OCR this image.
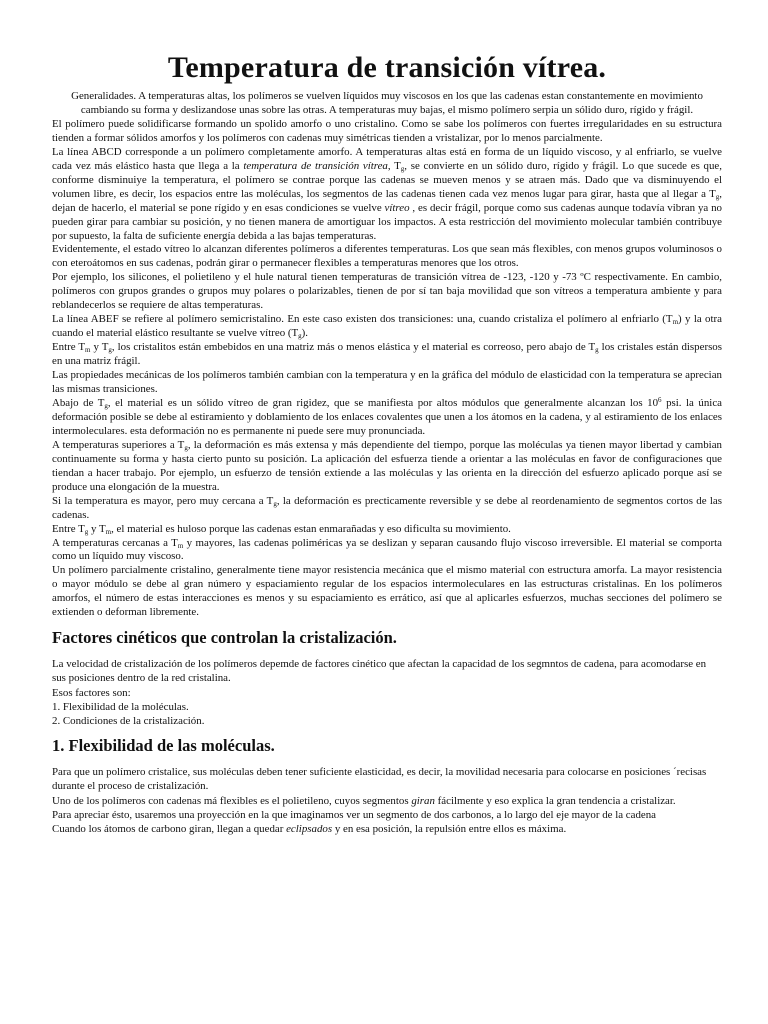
Temperatura de transición vítrea.

Generalidades. A temperaturas altas, los polímeros se vuelven líquidos muy viscosos en los que las cadenas estan constantemente en movimiento cambiando su forma y deslizandose unas sobre las otras. A temperaturas muy bajas, el mismo polímero serpia un sólido duro, rígido y frágil.

El polímero puede solidificarse formando un spolido amorfo o uno cristalino. Como se sabe los polímeros con fuertes irregularidades en su estructura tienden a formar sólidos amorfos y los polímeros con cadenas muy simétricas tienden a vristalizar, por lo menos parcialmente.

La línea ABCD corresponde a un polímero completamente amorfo. A temperaturas altas está en forma de un líquido viscoso, y al enfriarlo, se vuelve cada vez más elástico hasta que llega a la temperatura de transición vítrea, $T_g$, se convierte en un sólido duro, rígido y frágil. Lo que sucede es que, conforme disminuiye la temperatura, el polímero se contrae porque las cadenas se mueven menos y se atraen más. Dado que va disminuyendo el volumen libre, es decir, los espacios entre las moléculas, los segmentos de las cadenas tienen cada vez menos lugar para girar, hasta que al llegar a $T_g$, dejan de hacerlo, el material se pone rígido y en esas condiciones se vuelve vítreo , es decir frágil, porque como sus cadenas aunque todavía vibran ya no pueden girar para cambiar su posición, y no tienen manera de amortiguar los impactos. A esta restricción del movimiento molecular también contribuye por supuesto, la falta de suficiente energía debida a las bajas temperaturas.

Evidentemente, el estado vítreo lo alcanzan diferentes polímeros a diferentes temperaturas. Los que sean más flexibles, con menos grupos voluminosos o con eteroátomos en sus cadenas, podrán girar o permanecer flexibles a temperaturas menores que los otros.

Por ejemplo, los silicones, el polietileno y el hule natural tienen temperaturas de transición vítrea de -123, -120 y -73 ºC respectivamente. En cambio, polímeros con grupos grandes o grupos muy polares o polarizables, tienen de por sí tan baja movilidad que son vítreos a temperatura ambiente y para reblandecerlos se requiere de altas temperaturas.

La línea ABEF se refiere al polímero semicristalino. En este caso existen dos transiciones: una, cuando cristaliza el polímero al enfriarlo $(T_m)$ y la otra cuando el material elástico resultante se vuelve vítreo $(T_g)$.

Entre $T_m$ y $T_g$, los cristalitos están embebidos en una matriz más o menos elástica y el material es correoso, pero abajo de $T_g$ los cristales están dispersos en una matriz frágil.

Las propiedades mecánicas de los polímeros también cambian con la temperatura y en la gráfica del módulo de elasticidad con la temperatura se aprecian las mismas transiciones.

Abajo de $T_g$, el material es un sólido vítreo de gran rigidez, que se manifiesta por altos módulos que generalmente alcanzan los $10^6$ psi. la única deformación posible se debe al estiramiento y doblamiento de los enlaces covalentes que unen a los átomos en la cadena, y al estiramiento de los enlaces intermoleculares. esta deformación no es permanente ni puede sere muy pronunciada.

A temperaturas superiores a $T_g$, la deformación es más extensa y más dependiente del tiempo, porque las moléculas ya tienen mayor libertad y cambian continuamente su forma y hasta cierto punto su posición. La aplicación del esfuerza tiende a orientar a las moléculas en favor de configuraciones que tiendan a hacer trabajo. Por ejemplo, un esfuerzo de tensión extiende a las moléculas y las orienta en la dirección del esfuerzo aplicado porque así se produce una elongación de la muestra.

Si la temperatura es mayor, pero muy cercana a $T_g$, la deformación es precticamente reversible y se debe al reordenamiento de segmentos cortos de las cadenas.

Entre $T_g$ y $T_m$, el material es huloso porque las cadenas estan enmarañadas y eso dificulta su movimiento.

A temperaturas cercanas a $T_m$ y mayores, las cadenas poliméricas ya se deslizan y separan causando flujo viscoso irreversible. El material se comporta como un líquido muy viscoso.

Un polímero parcialmente cristalino, generalmente tiene mayor resistencia mecánica que el mismo material con estructura amorfa. La mayor resistencia o mayor módulo se debe al gran número y espaciamiento regular de los espacios intermoleculares en las estructuras cristalinas. En los polímeros amorfos, el número de estas interacciones es menos y su espaciamiento es errático, así que al aplicarles esfuerzos, muchas secciones del polímero se extienden o deforman libremente.

Factores cinéticos que controlan la cristalización.

La velocidad de cristalización de los polímeros depemde de factores cinético que afectan la capacidad de los segmntos de cadena, para acomodarse en sus posiciones dentro de la red cristalina.

Esos factores son:

1. Flexibilidad de la moléculas.

2. Condiciones de la cristalización.

1. Flexibilidad de las moléculas.

Para que un polímero cristalice, sus moléculas deben tener suficiente elasticidad, es decir, la movilidad necesaria para colocarse en posiciones ´recisas durante el proceso de cristalización.

Uno de los polímeros con cadenas má flexibles es el polietileno, cuyos segmentos giran fácilmente y eso explica la gran tendencia a cristalizar.

Para apreciar ésto, usaremos una proyección en la que imaginamos ver un segmento de dos carbonos, a lo largo del eje mayor de la cadena

Cuando los átomos de carbono giran, llegan a quedar eclipsados y en esa posición, la repulsión entre ellos es máxima.
